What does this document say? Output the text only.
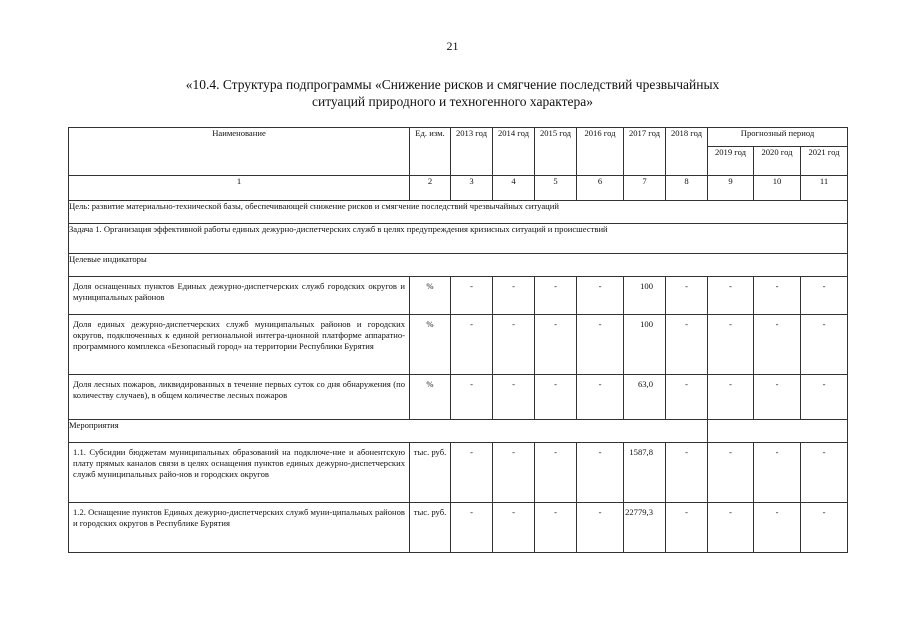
21
«10.4. Структура подпрограммы «Снижение рисков и смягчение последствий чрезвычайных
ситуаций природного и техногенного характера»
Наименование	Ед. изм.	2013 год	2014 год	2015 год	2016 год	2017 год	2018 год	Прогнозный период		
								2019 год	2020 год	2021 год
1	2	3	4	5	6	7	8	9	10	11
Цель: развитие материально-технической базы, обеспечивающей снижение рисков и смягчение последствий чрезвычайных ситуаций										
Задача 1. Организация эффективной работы единых дежурно-диспетчерских служб в целях предупреждения кризисных ситуаций и происшествий										
Целевые индикаторы										
Доля оснащенных пунктов Единых дежурно-диспетчерских служб городских округов и муниципальных районов	%	-	-	-	-	100	-	-	-	-
Доля единых дежурно-диспетчерских служб муниципальных районов и городских округов, подключенных к единой региональной интегра-ционной платформе аппаратно-программного комплекса «Безопасный город» на территории Республики Бурятия	%	-	-	-	-	100	-	-	-	-
Доля лесных пожаров, ликвидированных в течение первых суток со дня обнаружения (по количеству случаев), в общем количестве лесных пожаров	%	-	-	-	-	63,0	-	-	-	-
Мероприятия										
1.1. Субсидии бюджетам муниципальных образований на подключе-ние и абонентскую плату прямых каналов связи в целях оснащения пунктов единых дежурно-диспетчерских служб муниципальных райо-нов и городских округов	тыс. руб.	-	-	-	-	1587,8	-	-	-	-
1.2. Оснащение пунктов Единых дежурно-диспетчерских служб муни-ципальных районов и городских округов в Республике Бурятия	тыс. руб.	-	-	-	-	22779,3	-	-	-	-
